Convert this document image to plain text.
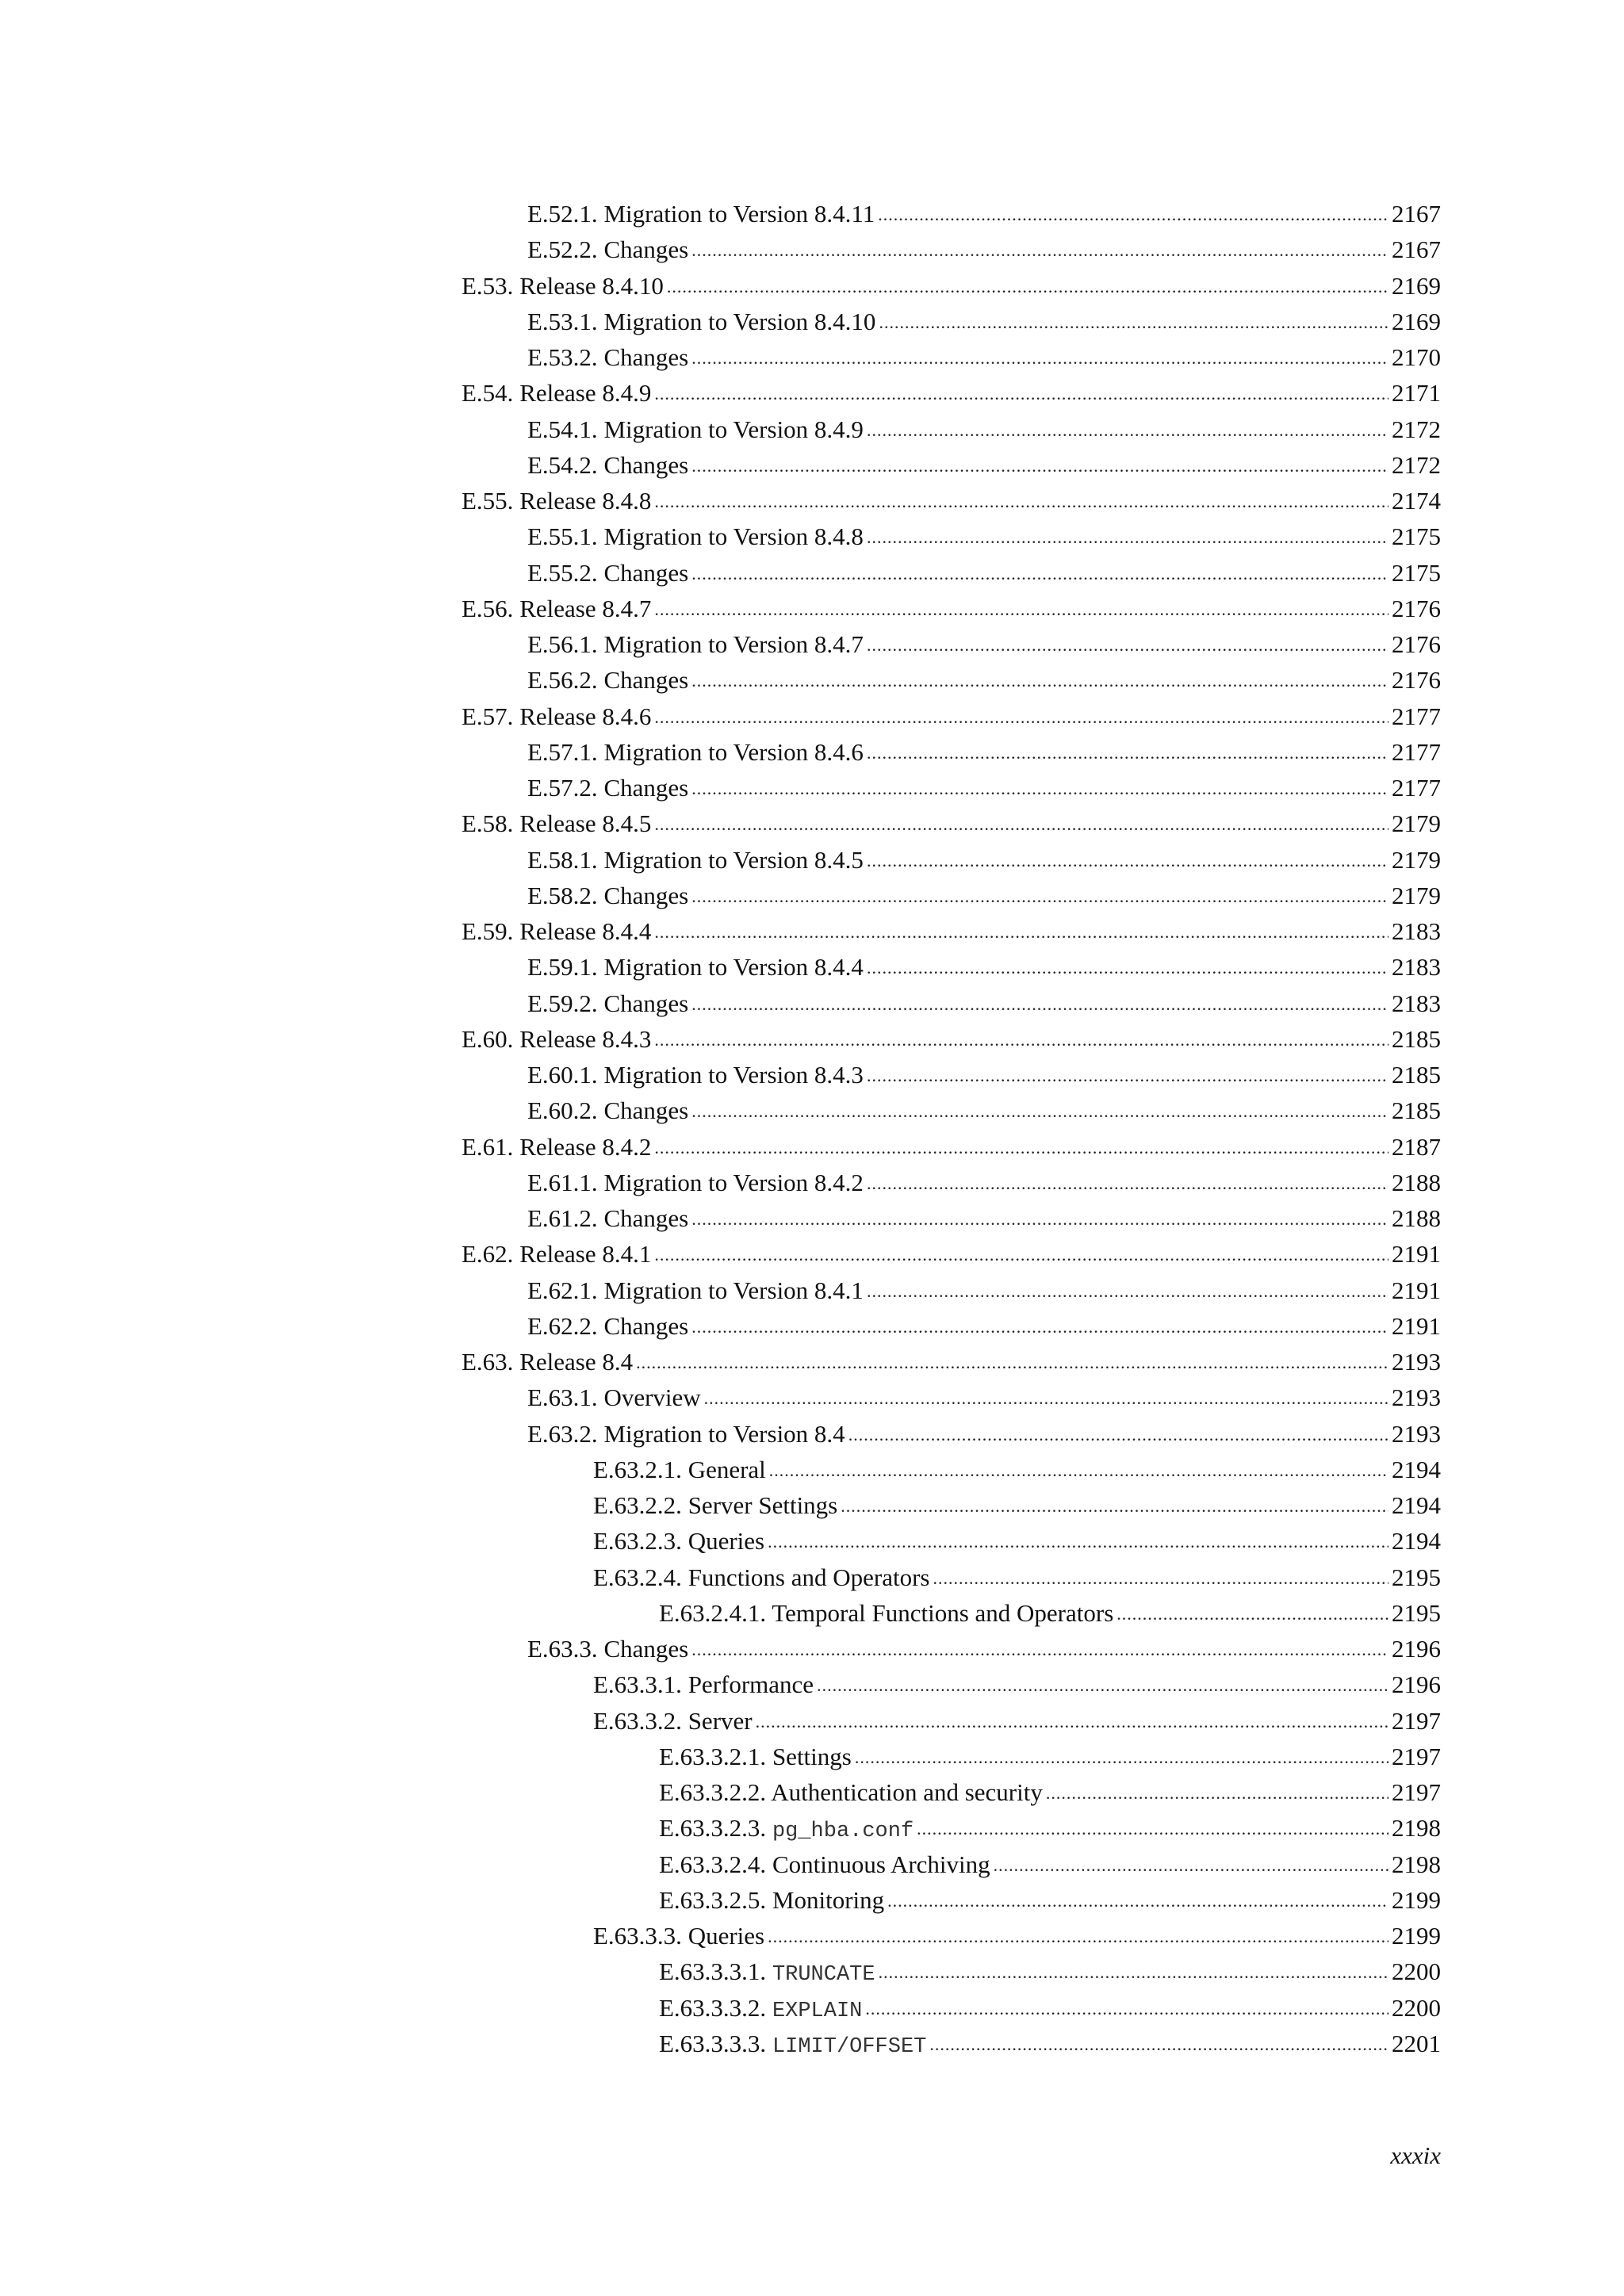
E.52.1. Migration to Version 8.4.11 .....	2167
E.52.2. Changes .....	2167
E.53. Release 8.4.10 .....	2169
E.53.1. Migration to Version 8.4.10 .....	2169
E.53.2. Changes .....	2170
E.54. Release 8.4.9 .....	2171
E.54.1. Migration to Version 8.4.9 .....	2172
E.54.2. Changes .....	2172
E.55. Release 8.4.8 .....	2174
E.55.1. Migration to Version 8.4.8 .....	2175
E.55.2. Changes .....	2175
E.56. Release 8.4.7 .....	2176
E.56.1. Migration to Version 8.4.7 .....	2176
E.56.2. Changes .....	2176
E.57. Release 8.4.6 .....	2177
E.57.1. Migration to Version 8.4.6 .....	2177
E.57.2. Changes .....	2177
E.58. Release 8.4.5 .....	2179
E.58.1. Migration to Version 8.4.5 .....	2179
E.58.2. Changes .....	2179
E.59. Release 8.4.4 .....	2183
E.59.1. Migration to Version 8.4.4 .....	2183
E.59.2. Changes .....	2183
E.60. Release 8.4.3 .....	2185
E.60.1. Migration to Version 8.4.3 .....	2185
E.60.2. Changes .....	2185
E.61. Release 8.4.2 .....	2187
E.61.1. Migration to Version 8.4.2 .....	2188
E.61.2. Changes .....	2188
E.62. Release 8.4.1 .....	2191
E.62.1. Migration to Version 8.4.1 .....	2191
E.62.2. Changes .....	2191
E.63. Release 8.4 .....	2193
E.63.1. Overview .....	2193
E.63.2. Migration to Version 8.4 .....	2193
E.63.2.1. General .....	2194
E.63.2.2. Server Settings .....	2194
E.63.2.3. Queries .....	2194
E.63.2.4. Functions and Operators .....	2195
E.63.2.4.1. Temporal Functions and Operators .....	2195
E.63.3. Changes .....	2196
E.63.3.1. Performance .....	2196
E.63.3.2. Server .....	2197
E.63.3.2.1. Settings .....	2197
E.63.3.2.2. Authentication and security .....	2197
E.63.3.2.3. pg_hba.conf .....	2198
E.63.3.2.4. Continuous Archiving .....	2198
E.63.3.2.5. Monitoring .....	2199
E.63.3.3. Queries .....	2199
E.63.3.3.1. TRUNCATE .....	2200
E.63.3.3.2. EXPLAIN .....	2200
E.63.3.3.3. LIMIT/OFFSET .....	2201
xxxix
